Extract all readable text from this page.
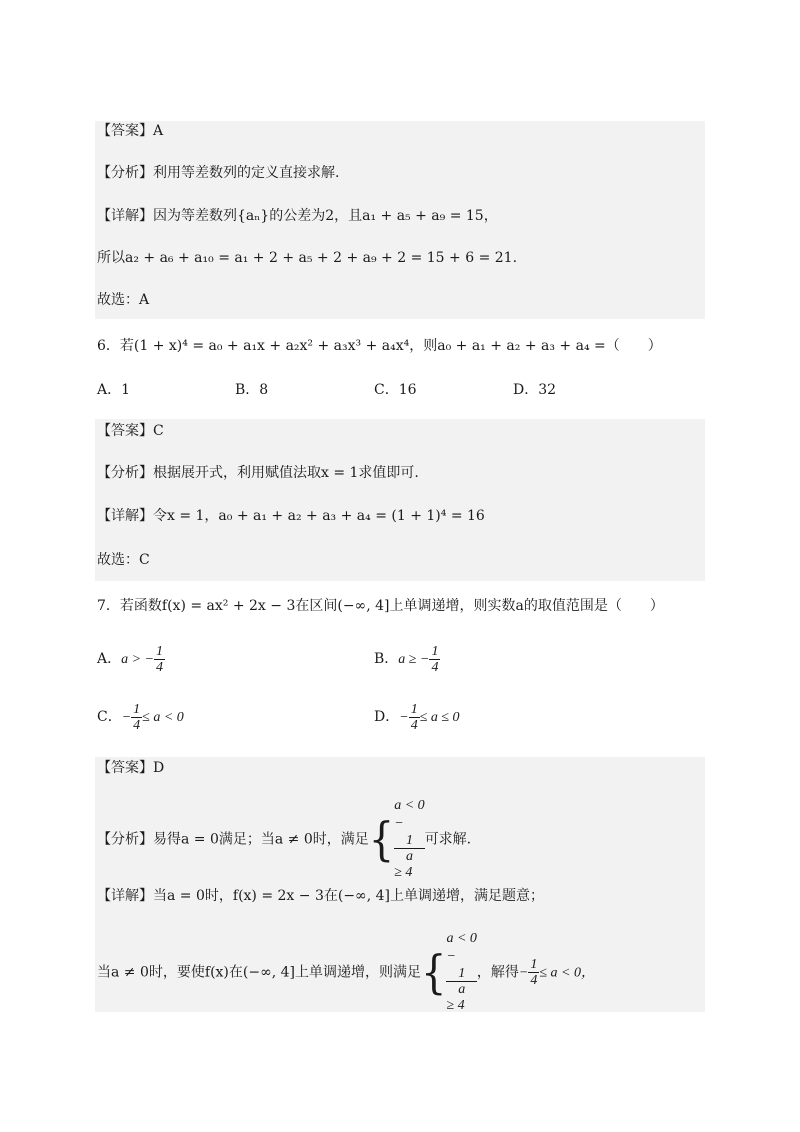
【答案】A
【分析】利用等差数列的定义直接求解.
【详解】因为等差数列{aₙ}的公差为2，且a₁ + a₅ + a₉ = 15，
所以a₂ + a₆ + a₁₀ = a₁ + 2 + a₅ + 2 + a₉ + 2 = 15 + 6 = 21.
故选：A
6．若(1 + x)⁴ = a₀ + a₁x + a₂x² + a₃x³ + a₄x⁴，则a₀ + a₁ + a₂ + a₃ + a₄ =（　　）
A．1	B．8	C．16	D．32
【答案】C
【分析】根据展开式，利用赋值法取x = 1求值即可.
【详解】令x = 1，a₀ + a₁ + a₂ + a₃ + a₄ = (1 + 1)⁴ = 16
故选：C
7．若函数f(x) = ax² + 2x − 3在区间(−∞, 4]上单调递增，则实数a的取值范围是（　　）
A．a > − $\frac{1}{4}$	B．a ≥ − $\frac{1}{4}$
C．− $\frac{1}{4} \le a < 0$	D．− $\frac{1}{4} \le a \le 0$
【答案】D
【分析】易得a = 0满足；当a ≠ 0时，满足{
a < 0
−
1
a
≥ 4
可求解.
【详解】当a = 0时，f(x) = 2x − 3在(−∞, 4]上单调递增，满足题意；
当a ≠ 0时，要使f(x)在(−∞, 4]上单调递增，则满足{
a < 0
−
1
a
≥ 4
，解得− $\frac{1}{4} \le a < 0$，
